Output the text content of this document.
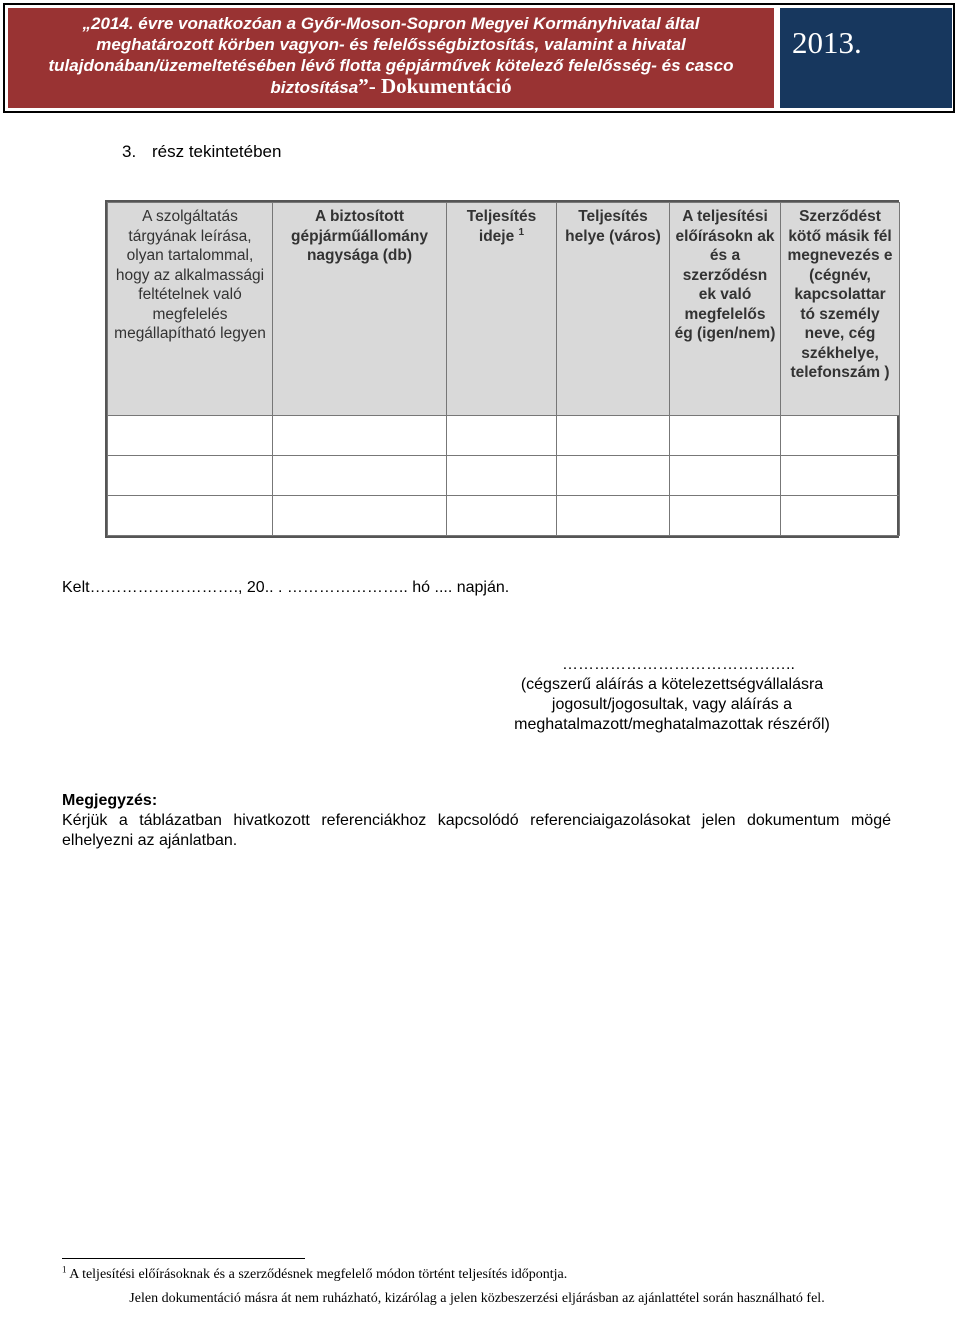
„2014. évre vonatkozóan a Győr-Moson-Sopron Megyei Kormányhivatal által
meghatározott körben vagyon- és felelősségbiztosítás, valamint a hivatal
tulajdonában/üzemeltetésében lévő flotta gépjárművek kötelező felelősség- és casco
biztosítása”- Dokumentáció
2013.
3. rész tekintetében
A szolgáltatás tárgyának leírása, olyan tartalommal, hogy az alkalmassági feltételnek való megfelelés megállapítható legyen	A biztosított gépjárműállomány nagysága (db)	Teljesítés ideje $^1$	Teljesítés helye (város)	A teljesítési előírásokn ak és a szerződésn ek való megfelelős ég (igen/nem)	Szerződést kötő másik fél megnevezés e (cégnév, kapcsolattar tó személy neve, cég székhelye, telefonszám )

Kelt………………………., 20.. . ………………….. hó .... napján.
……………………………………..
(cégszerű aláírás a kötelezettségvállalásra jogosult/jogosultak, vagy aláírás a meghatalmazott/meghatalmazottak részéről)
Megjegyzés:
Kérjük a táblázatban hivatkozott referenciákhoz kapcsolódó referenciaigazolásokat jelen dokumentum mögé elhelyezni az ajánlatban.
$^1$ A teljesítési előírásoknak és a szerződésnek megfelelő módon történt teljesítés időpontja.
Jelen dokumentáció másra át nem ruházható, kizárólag a jelen közbeszerzési eljárásban az ajánlattétel során használható fel.
